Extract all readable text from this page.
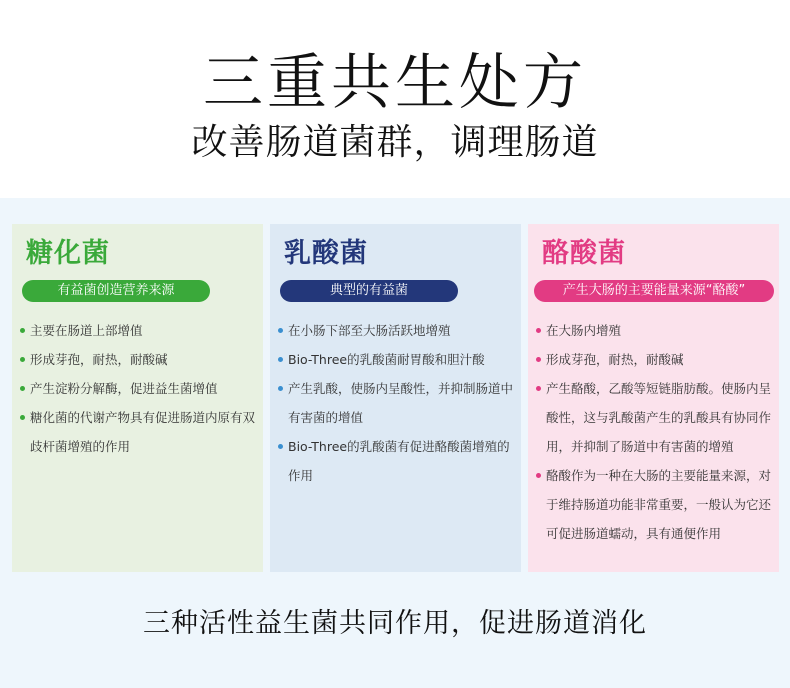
三重共生处方
改善肠道菌群，调理肠道
糖化菌
有益菌创造营养来源
主要在肠道上部增值
形成芽孢，耐热，耐酸碱
产生淀粉分解酶，促进益生菌增值
糖化菌的代谢产物具有促进肠道内原有双歧杆菌增殖的作用
乳酸菌
典型的有益菌
在小肠下部至大肠活跃地增殖
Bio-Three的乳酸菌耐胃酸和胆汁酸
产生乳酸，使肠内呈酸性，并抑制肠道中有害菌的增值
Bio-Three的乳酸菌有促进酪酸菌增殖的作用
酪酸菌
产生大肠的主要能量来源“酪酸”
在大肠内增殖
形成芽孢，耐热，耐酸碱
产生酪酸，乙酸等短链脂肪酸。使肠内呈酸性，这与乳酸菌产生的乳酸具有协同作用，并抑制了肠道中有害菌的增殖
酪酸作为一种在大肠的主要能量来源，对于维持肠道功能非常重要，一般认为它还可促进肠道蠕动，具有通便作用
三种活性益生菌共同作用，促进肠道消化
